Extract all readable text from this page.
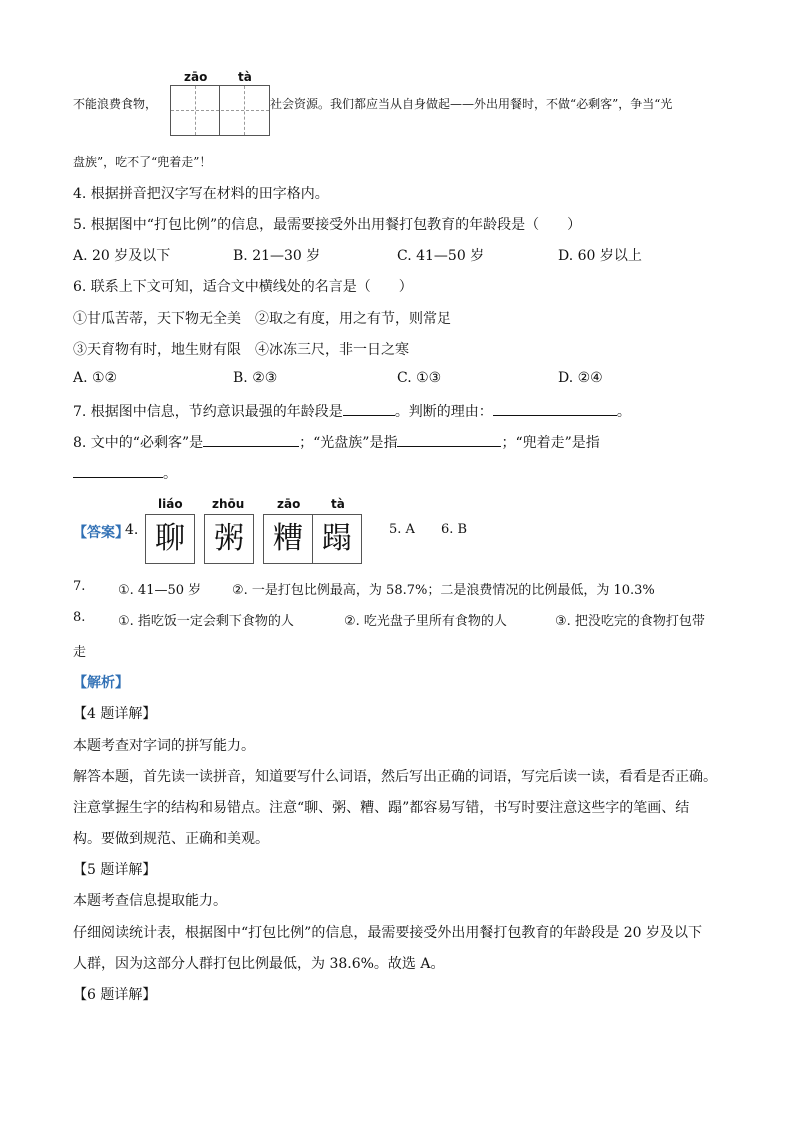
zāo	tà
不能浪费食物，	社会资源。我们都应当从自身做起——外出用餐时，不做“必剩客”，争当“光
盘族”，吃不了“兜着走”！
4. 根据拼音把汉字写在材料的田字格内。
5. 根据图中“打包比例”的信息，最需要接受外出用餐打包教育的年龄段是（　　）
A. 20 岁及以下	B. 21—30 岁	C. 41—50 岁	D. 60 岁以上
6. 联系上下文可知，适合文中横线处的名言是（　　）
①甘瓜苦蒂，天下物无全美　②取之有度，用之有节，则常足
③天育物有时，地生财有限　④冰冻三尺，非一日之寒
A. ①②	B. ②③	C. ①③	D. ②④
7. 根据图中信息，节约意识最强的年龄段是	。判断的理由：	。
8. 文中的“必剩客”是	；“光盘族”是指	；“兜着走”是指
。
【答案】
4.
liáo zhōu	zāo	tà
聊 粥 糟 蹋	5. A 6. B
7.	①. 41—50 岁 ②. 一是打包比例最高，为 58.7%；二是浪费情况的比例最低，为 10.3%
8.	①. 指吃饭一定会剩下食物的人	②. 吃光盘子里所有食物的人	③. 把没吃完的食物打包带
走
【解析】
【4 题详解】
本题考查对字词的拼写能力。
解答本题，首先读一读拼音，知道要写什么词语，然后写出正确的词语，写完后读一读，看看是否正确。
注意掌握生字的结构和易错点。注意“聊、粥、糟、蹋”都容易写错，书写时要注意这些字的笔画、结
构。要做到规范、正确和美观。
【5 题详解】
本题考查信息提取能力。
仔细阅读统计表，根据图中“打包比例”的信息，最需要接受外出用餐打包教育的年龄段是 20 岁及以下
人群，因为这部分人群打包比例最低，为 38.6%。故选 A。
【6 题详解】
